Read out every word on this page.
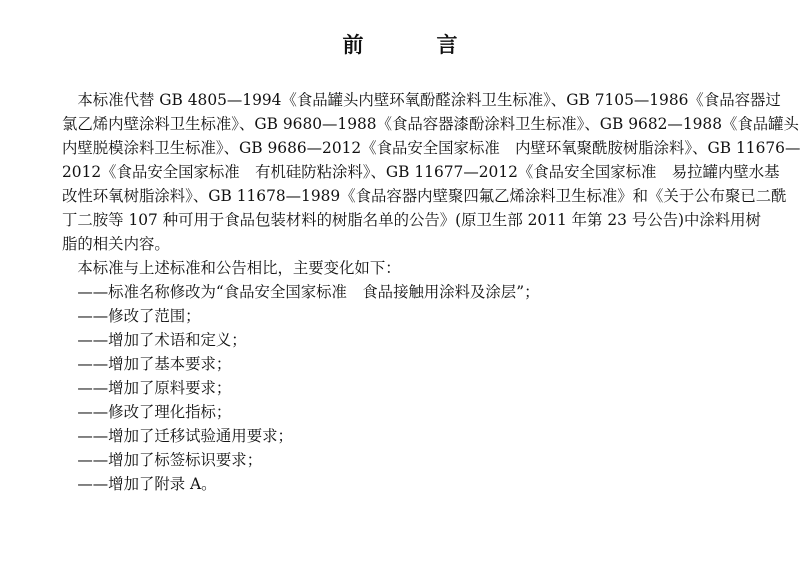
前　言
本标准代替 GB 4805—1994《食品罐头内壁环氧酚醛涂料卫生标准》、GB 7105—1986《食品容器过
氯乙烯内壁涂料卫生标准》、GB 9680—1988《食品容器漆酚涂料卫生标准》、GB 9682—1988《食品罐头
内壁脱模涂料卫生标准》、GB 9686—2012《食品安全国家标准　内壁环氧聚酰胺树脂涂料》、GB 11676—
2012《食品安全国家标准　有机硅防粘涂料》、GB 11677—2012《食品安全国家标准　易拉罐内壁水基
改性环氧树脂涂料》、GB 11678—1989《食品容器内壁聚四氟乙烯涂料卫生标准》和《关于公布聚已二酰
丁二胺等 107 种可用于食品包装材料的树脂名单的公告》(原卫生部 2011 年第 23 号公告)中涂料用树
脂的相关内容。
本标准与上述标准和公告相比，主要变化如下：
——标准名称修改为“食品安全国家标准　食品接触用涂料及涂层”；
——修改了范围；
——增加了术语和定义；
——增加了基本要求；
——增加了原料要求；
——修改了理化指标；
——增加了迁移试验通用要求；
——增加了标签标识要求；
——增加了附录 A。
